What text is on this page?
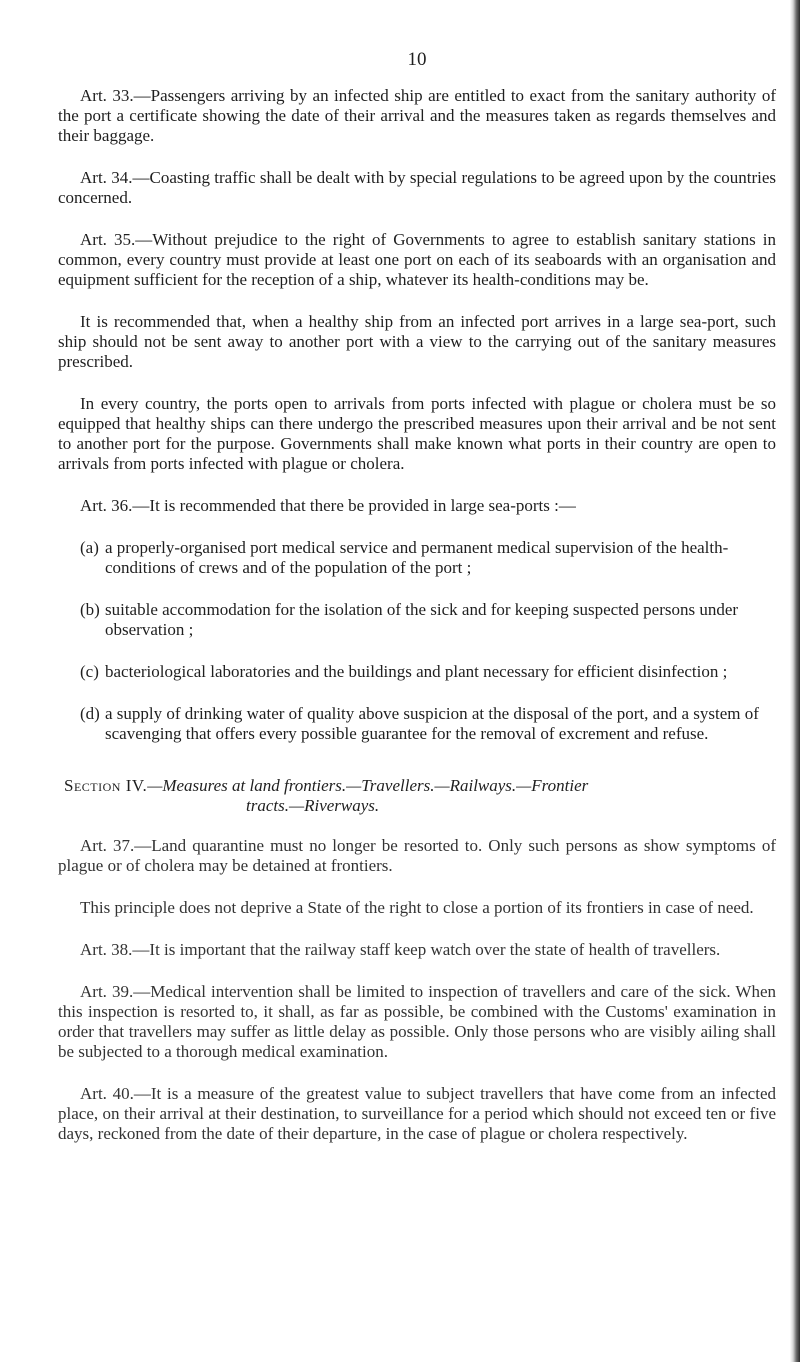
10

Art. 33.—Passengers arriving by an infected ship are entitled to exact from the sanitary authority of the port a certificate showing the date of their arrival and the measures taken as regards themselves and their baggage.

Art. 34.—Coasting traffic shall be dealt with by special regulations to be agreed upon by the countries concerned.

Art. 35.—Without prejudice to the right of Governments to agree to establish sanitary stations in common, every country must provide at least one port on each of its seaboards with an organisation and equipment sufficient for the reception of a ship, whatever its health-conditions may be.

It is recommended that, when a healthy ship from an infected port arrives in a large sea-port, such ship should not be sent away to another port with a view to the carrying out of the sanitary measures prescribed.

In every country, the ports open to arrivals from ports infected with plague or cholera must be so equipped that healthy ships can there undergo the prescribed measures upon their arrival and be not sent to another port for the purpose. Governments shall make known what ports in their country are open to arrivals from ports infected with plague or cholera.

Art. 36.—It is recommended that there be provided in large sea-ports :—

(a) a properly-organised port medical service and permanent medical supervision of the health-conditions of crews and of the population of the port ;
(b) suitable accommodation for the isolation of the sick and for keeping suspected persons under observation ;
(c) bacteriological laboratories and the buildings and plant necessary for efficient disinfection ;
(d) a supply of drinking water of quality above suspicion at the disposal of the port, and a system of scavenging that offers every possible guarantee for the removal of excrement and refuse.
Section IV.—Measures at land frontiers.—Travellers.—Railways.—Frontier
tracts.—Riverways.

Art. 37.—Land quarantine must no longer be resorted to. Only such persons as show symptoms of plague or of cholera may be detained at frontiers.

This principle does not deprive a State of the right to close a portion of its frontiers in case of need.

Art. 38.—It is important that the railway staff keep watch over the state of health of travellers.

Art. 39.—Medical intervention shall be limited to inspection of travellers and care of the sick. When this inspection is resorted to, it shall, as far as possible, be combined with the Customs' examination in order that travellers may suffer as little delay as possible. Only those persons who are visibly ailing shall be subjected to a thorough medical examination.

Art. 40.—It is a measure of the greatest value to subject travellers that have come from an infected place, on their arrival at their destination, to surveillance for a period which should not exceed ten or five days, reckoned from the date of their departure, in the case of plague or cholera respectively.
